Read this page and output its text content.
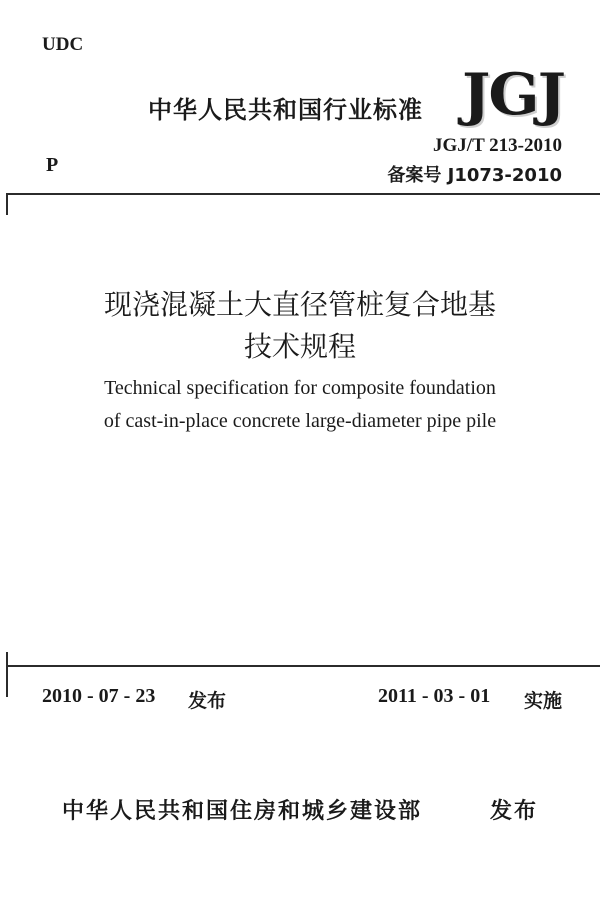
UDC
中华人民共和国行业标准 JGJ
P
JGJ/T 213-2010
备案号 J1073-2010
现浇混凝土大直径管桩复合地基
技术规程
Technical specification for composite foundation
of cast-in-place concrete large-diameter pipe pile
2010 - 07 - 23 发布	2011 - 03 - 01 实施
中华人民共和国住房和城乡建设部	发布
